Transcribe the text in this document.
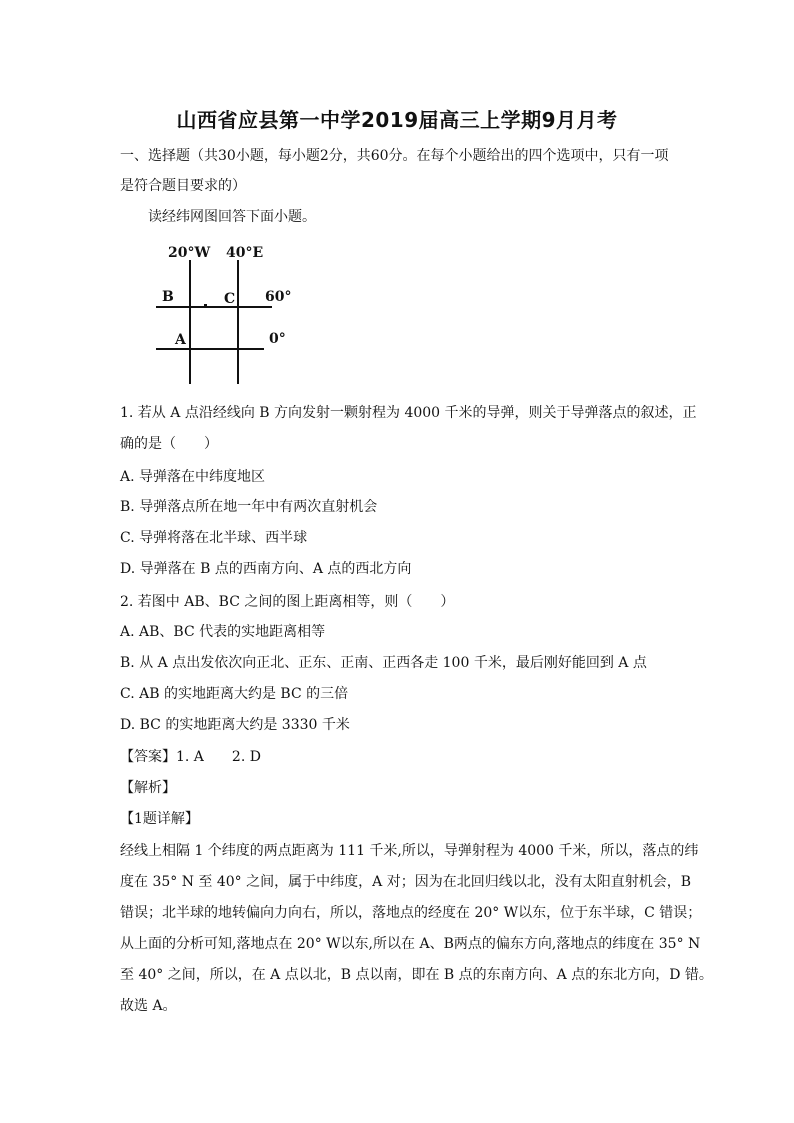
山西省应县第一中学2019届高三上学期9月月考
一、选择题（共30小题，每小题2分，共60分。在每个小题给出的四个选项中，只有一项
是符合题目要求的）
读经纬网图回答下面小题。
20°W 40°E
B	C 60°
A	0°
1. 若从 A 点沿经线向 B 方向发射一颗射程为 4000 千米的导弹，则关于导弹落点的叙述，正
确的是（　　）
A. 导弹落在中纬度地区
B. 导弹落点所在地一年中有两次直射机会
C. 导弹将落在北半球、西半球
D. 导弹落在 B 点的西南方向、A 点的西北方向
2. 若图中 AB、BC 之间的图上距离相等，则（　　）
A. AB、BC 代表的实地距离相等
B. 从 A 点出发依次向正北、正东、正南、正西各走 100 千米，最后刚好能回到 A 点
C. AB 的实地距离大约是 BC 的三倍
D. BC 的实地距离大约是 3330 千米
【答案】1. A　　2. D
【解析】
【1题详解】
经线上相隔 1 个纬度的两点距离为 111 千米,所以，导弹射程为 4000 千米，所以，落点的纬
度在 35° N 至 40° 之间，属于中纬度，A 对；因为在北回归线以北，没有太阳直射机会，B
错误；北半球的地转偏向力向右，所以，落地点的经度在 20° W以东，位于东半球，C 错误；
从上面的分析可知,落地点在 20° W以东,所以在 A、B两点的偏东方向,落地点的纬度在 35° N
至 40° 之间，所以，在 A 点以北，B 点以南，即在 B 点的东南方向、A 点的东北方向，D 错。
故选 A。
